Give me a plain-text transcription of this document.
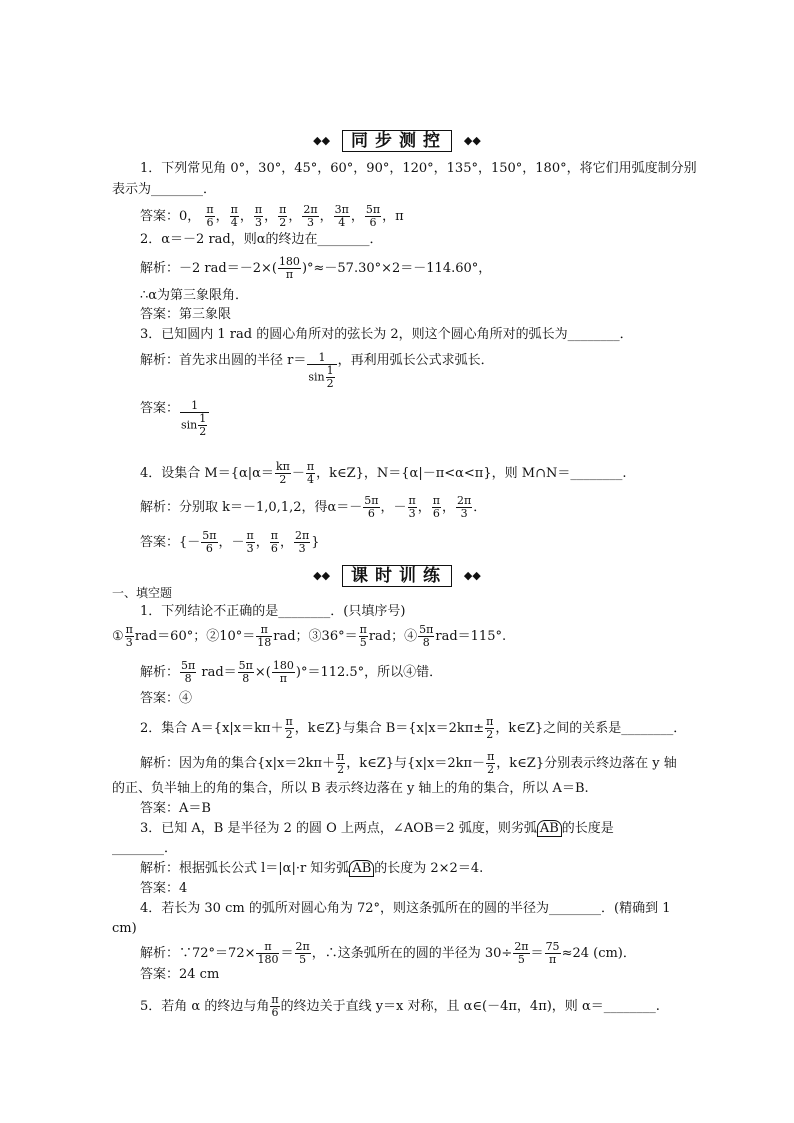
◆◆ 同步测控 ◆◆
1．下列常见角 0°，30°，45°，60°，90°，120°，135°，150°，180°，将它们用弧度制分别
表示为________．
答案：0， $\frac{\pi}{6}$ ， $\frac{\pi}{4}$ ， $\frac{\pi}{3}$ ， $\frac{\pi}{2}$ ， $\frac{2\pi}{3}$ ， $\frac{3\pi}{4}$ ， $\frac{5\pi}{6}$ ，π
2．α＝－2 rad，则α的终边在________．
解析：－2 $rad=-2\times( \frac{180}{\pi} )^\circ\approx-57.30^\circ\times 2=-114.60^\circ$，
∴α为第三象限角．
答案：第三象限
3．已知圆内 1 rad 的圆心角所对的弦长为 2，则这个圆心角所对的弧长为________．
解析：首先求出圆的半径 $r= \frac{1}{\sin \frac{1}{2}}$ ，再利用弧长公式求弧长．
答案： $\frac{1}{\sin \frac{1}{2}}$
4．设集合 $M=\{\alpha|\alpha= \frac{k\pi}{2} - \frac{\pi}{4}$ ，k∈Z}，N＝{α|－π<α<π}，则 M∩N＝________.
解析：分别取 k＝－1,0,1,2，得$\alpha=- \frac{5\pi}{6}$ ，－ $\frac{\pi}{3}$ ， $\frac{\pi}{6}$ ， $\frac{2\pi}{3}$ ．
答案：{－ $\frac{5\pi}{6}$ ，－ $\frac{\pi}{3}$ ， $\frac{\pi}{6}$ ， $\frac{2\pi}{3}$ }
◆◆ 课时训练 ◆◆
一、填空题
1．下列结论不正确的是________．(只填序号)
① $\frac{\pi}{3} rad=60^\circ$；②10°＝ $\frac{\pi}{18}$ rad；③36°＝ $\frac{\pi}{5}$ rad；④ $\frac{5\pi}{8} rad=115^\circ$.
解析： $\frac{5\pi}{8} rad= \frac{5\pi}{8}$ ×( $\frac{180}{\pi} )^\circ=112.5^\circ$，所以④错．
答案：④
2．集合 $A=\{x|x=k\pi+ \frac{\pi}{2}$ ，k∈Z}与集合 $B=\{x|x=2k\pi\pm \frac{\pi}{2}$ ，k∈Z}之间的关系是________．
解析：因为角的集合{$x|x=2k\pi+ \frac{\pi}{2}$ ，k∈Z}与{$x|x=2k\pi- \frac{\pi}{2}$ ，k∈Z}分别表示终边落在 y 轴
的正、负半轴上的角的集合，所以 B 表示终边落在 y 轴上的角的集合，所以 A＝B.
答案：A＝B
3．已知 A，B 是半径为 2 的圆 O 上两点，∠AOB＝2 弧度，则劣弧 AB 的长度是
________．
解析：根据弧长公式 l＝|α|·r 知劣弧 AB 的长度为 2×2＝4.
答案：4
4．若长为 30 cm 的弧所对圆心角为 72°，则这条弧所在的圆的半径为________．(精确到 1
cm)
解析：∵72°＝72× $\frac{\pi}{180} = \frac{2\pi}{5}$ ，∴这条弧所在的圆的半径为 $30\div \frac{2\pi}{5} = \frac{75}{\pi} \approx 24$ (cm)．
答案：24 cm
5．若角 α 的终边与角 $\frac{\pi}{6}$ 的终边关于直线 y＝x 对称，且 α∈(－4π，4π)，则 α＝________.
